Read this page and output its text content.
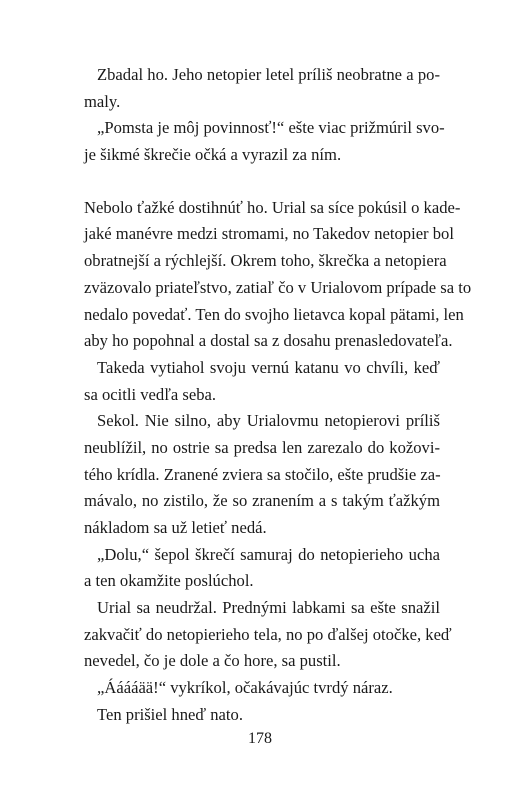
Zbadal ho. Jeho netopier letel príliš neobratne a po-
maly.
„Pomsta je môj povinnosť!“ ešte viac prižmúril svo-
je šikmé škrečie očká a vyrazil za ním.
Nebolo ťažké dostihnúť ho. Urial sa síce pokúsil o kade-
jaké manévre medzi stromami, no Takedov netopier bol
obratnejší a rýchlejší. Okrem toho, škrečka a netopiera
zväzovalo priateľstvo, zatiaľ čo v Urialovom prípade sa to
nedalo povedať. Ten do svojho lietavca kopal pätami, len
aby ho popohnal a dostal sa z dosahu prenasledovateľa.
Takeda vytiahol svoju vernú katanu vo chvíli, keď
sa ocitli vedľa seba.
Sekol. Nie silno, aby Urialovmu netopierovi príliš
neublížil, no ostrie sa predsa len zarezalo do kožovi-
tého krídla. Zranené zviera sa stočilo, ešte prudšie za-
mávalo, no zistilo, že so zranením a s takým ťažkým
nákladom sa už letieť nedá.
„Dolu,“ šepol škrečí samuraj do netopierieho ucha
a ten okamžite poslúchol.
Urial sa neudržal. Prednými labkami sa ešte snažil
zakvačiť do netopierieho tela, no po ďalšej otočke, keď
nevedel, čo je dole a čo hore, sa pustil.
„Ááááää!“ vykríkol, očakávajúc tvrdý náraz.
Ten prišiel hneď nato.
178
